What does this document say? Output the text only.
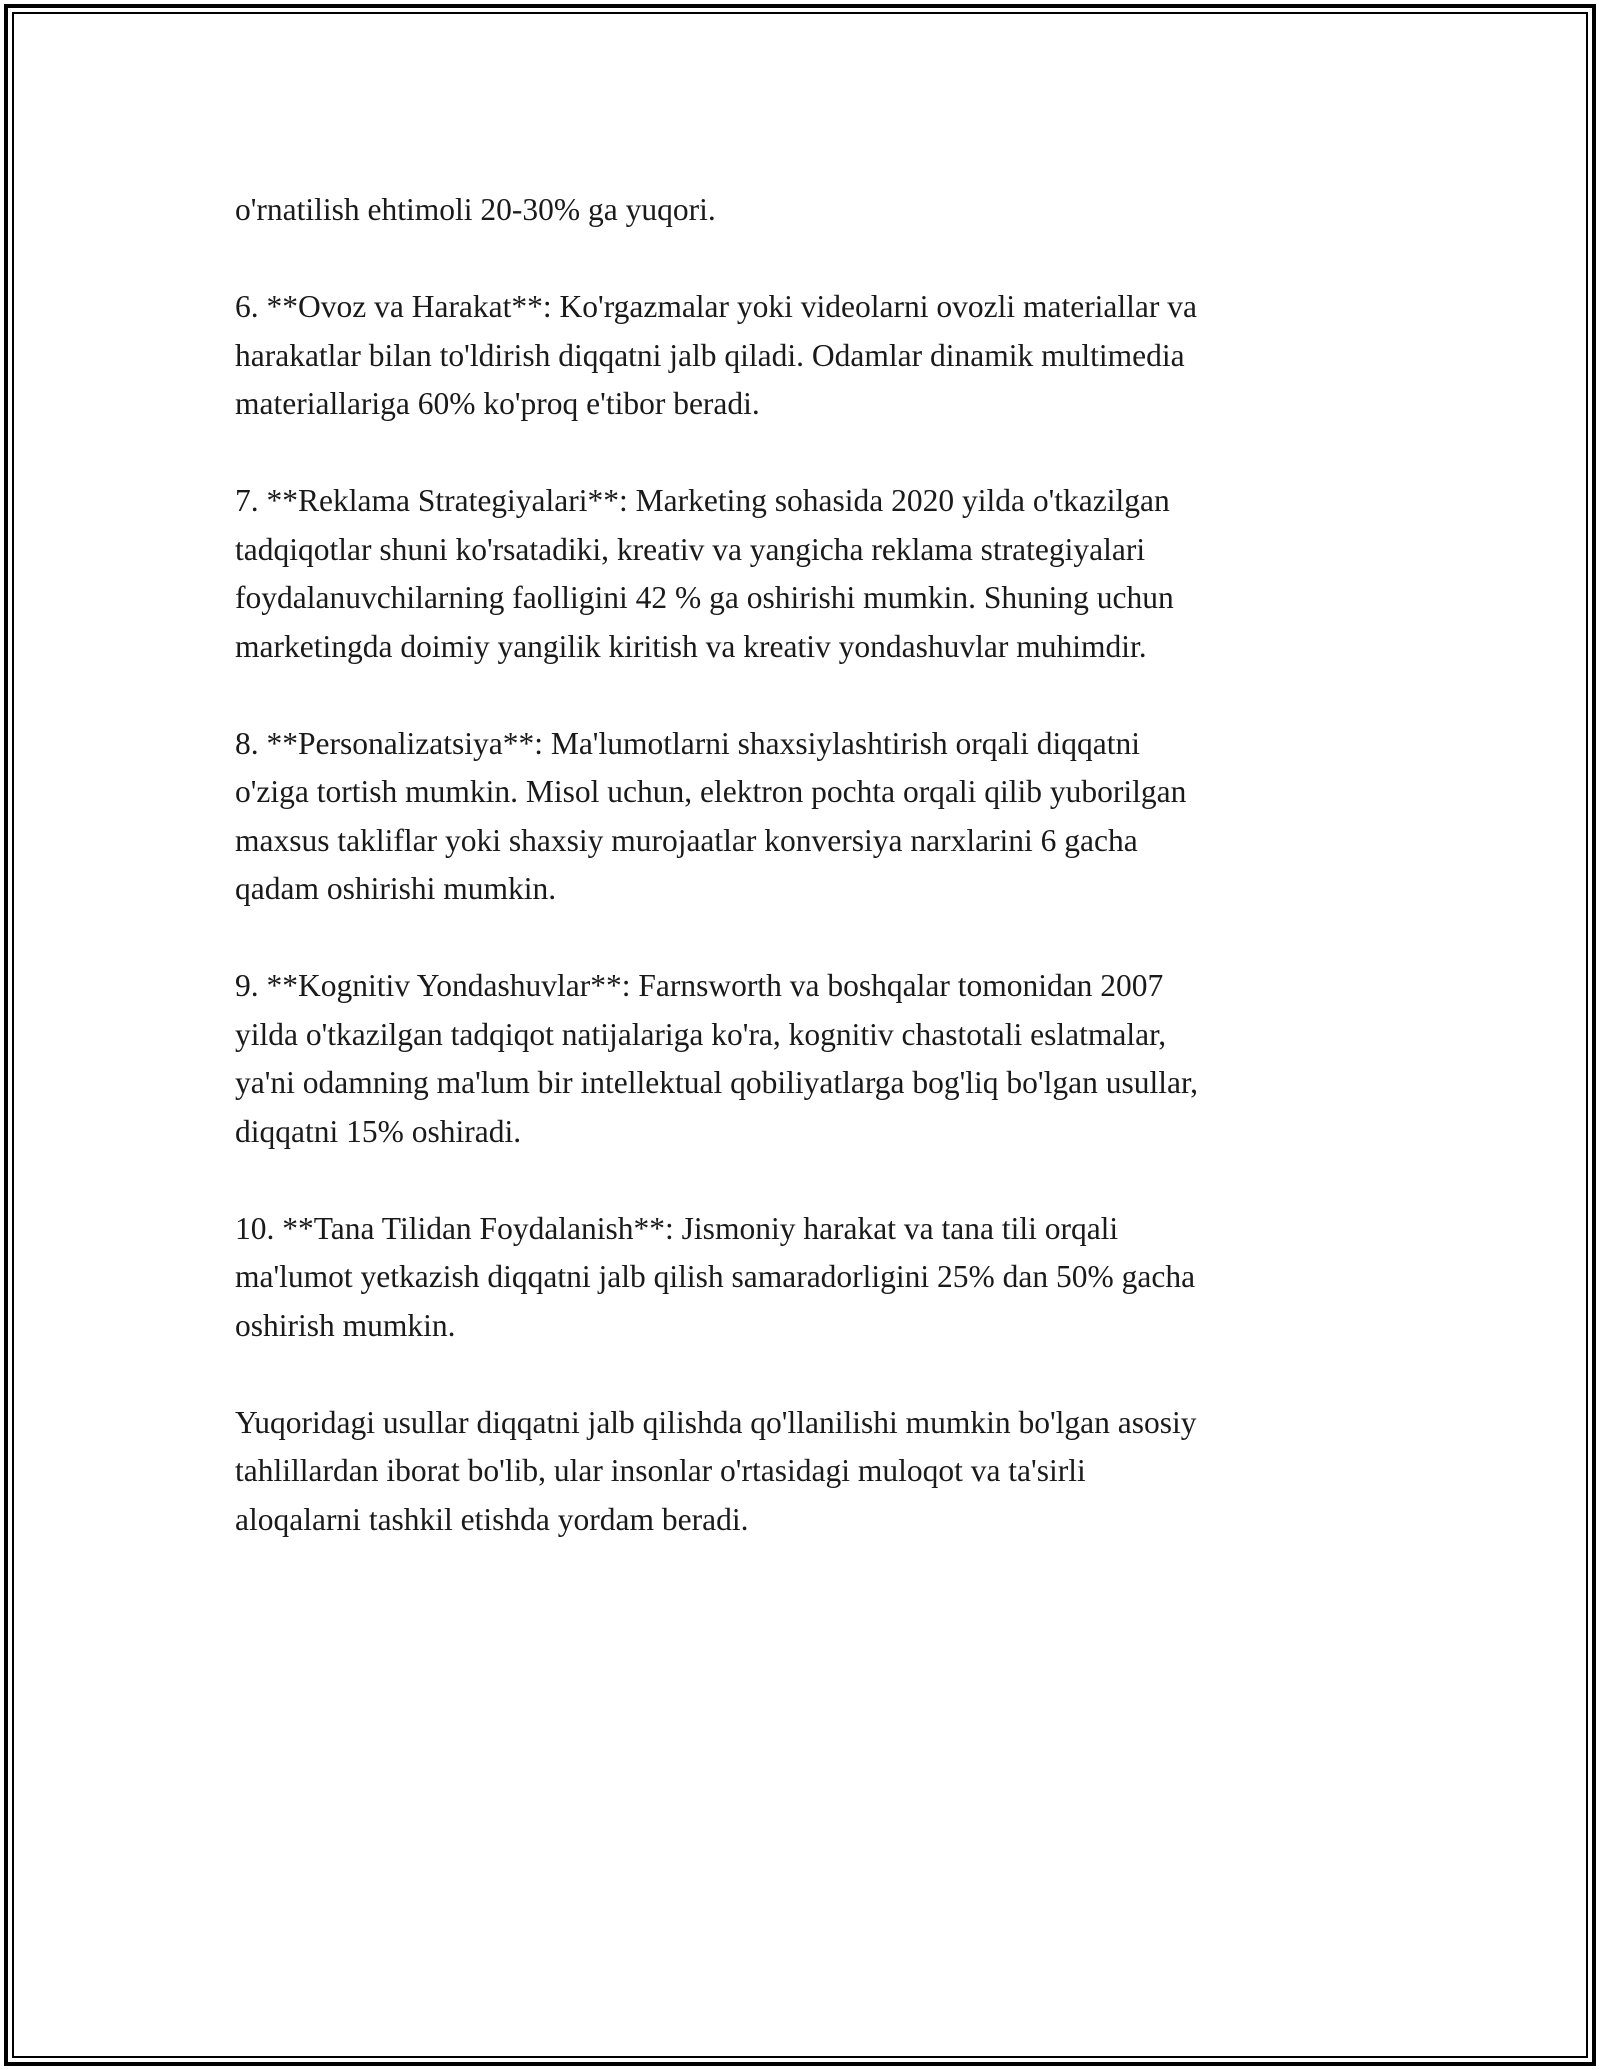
o'rnatilish ehtimoli 20-30% ga yuqori.

6. **Ovoz va Harakat**: Ko'rgazmalar yoki videolarni ovozli materiallar va
harakatlar bilan to'ldirish diqqatni jalb qiladi. Odamlar dinamik multimedia
materiallariga 60% ko'proq e'tibor beradi.

7. **Reklama Strategiyalari**: Marketing sohasida 2020 yilda o'tkazilgan
tadqiqotlar shuni ko'rsatadiki, kreativ va yangicha reklama strategiyalari
foydalanuvchilarning faolligini 42 % ga oshirishi mumkin. Shuning uchun
marketingda doimiy yangilik kiritish va kreativ yondashuvlar muhimdir.

8. **Personalizatsiya**: Ma'lumotlarni shaxsiylashtirish orqali diqqatni
o'ziga tortish mumkin. Misol uchun, elektron pochta orqali qilib yuborilgan
maxsus takliflar yoki shaxsiy murojaatlar konversiya narxlarini 6 gacha
qadam oshirishi mumkin.

9. **Kognitiv Yondashuvlar**: Farnsworth va boshqalar tomonidan 2007
yilda o'tkazilgan tadqiqot natijalariga ko'ra, kognitiv chastotali eslatmalar,
ya'ni odamning ma'lum bir intellektual qobiliyatlarga bog'liq bo'lgan usullar,
diqqatni 15% oshiradi.

10. **Tana Tilidan Foydalanish**: Jismoniy harakat va tana tili orqali
ma'lumot yetkazish diqqatni jalb qilish samaradorligini 25% dan 50% gacha
oshirish mumkin.

Yuqoridagi usullar diqqatni jalb qilishda qo'llanilishi mumkin bo'lgan asosiy
tahlillardan iborat bo'lib, ular insonlar o'rtasidagi muloqot va ta'sirli
aloqalarni tashkil etishda yordam beradi.
